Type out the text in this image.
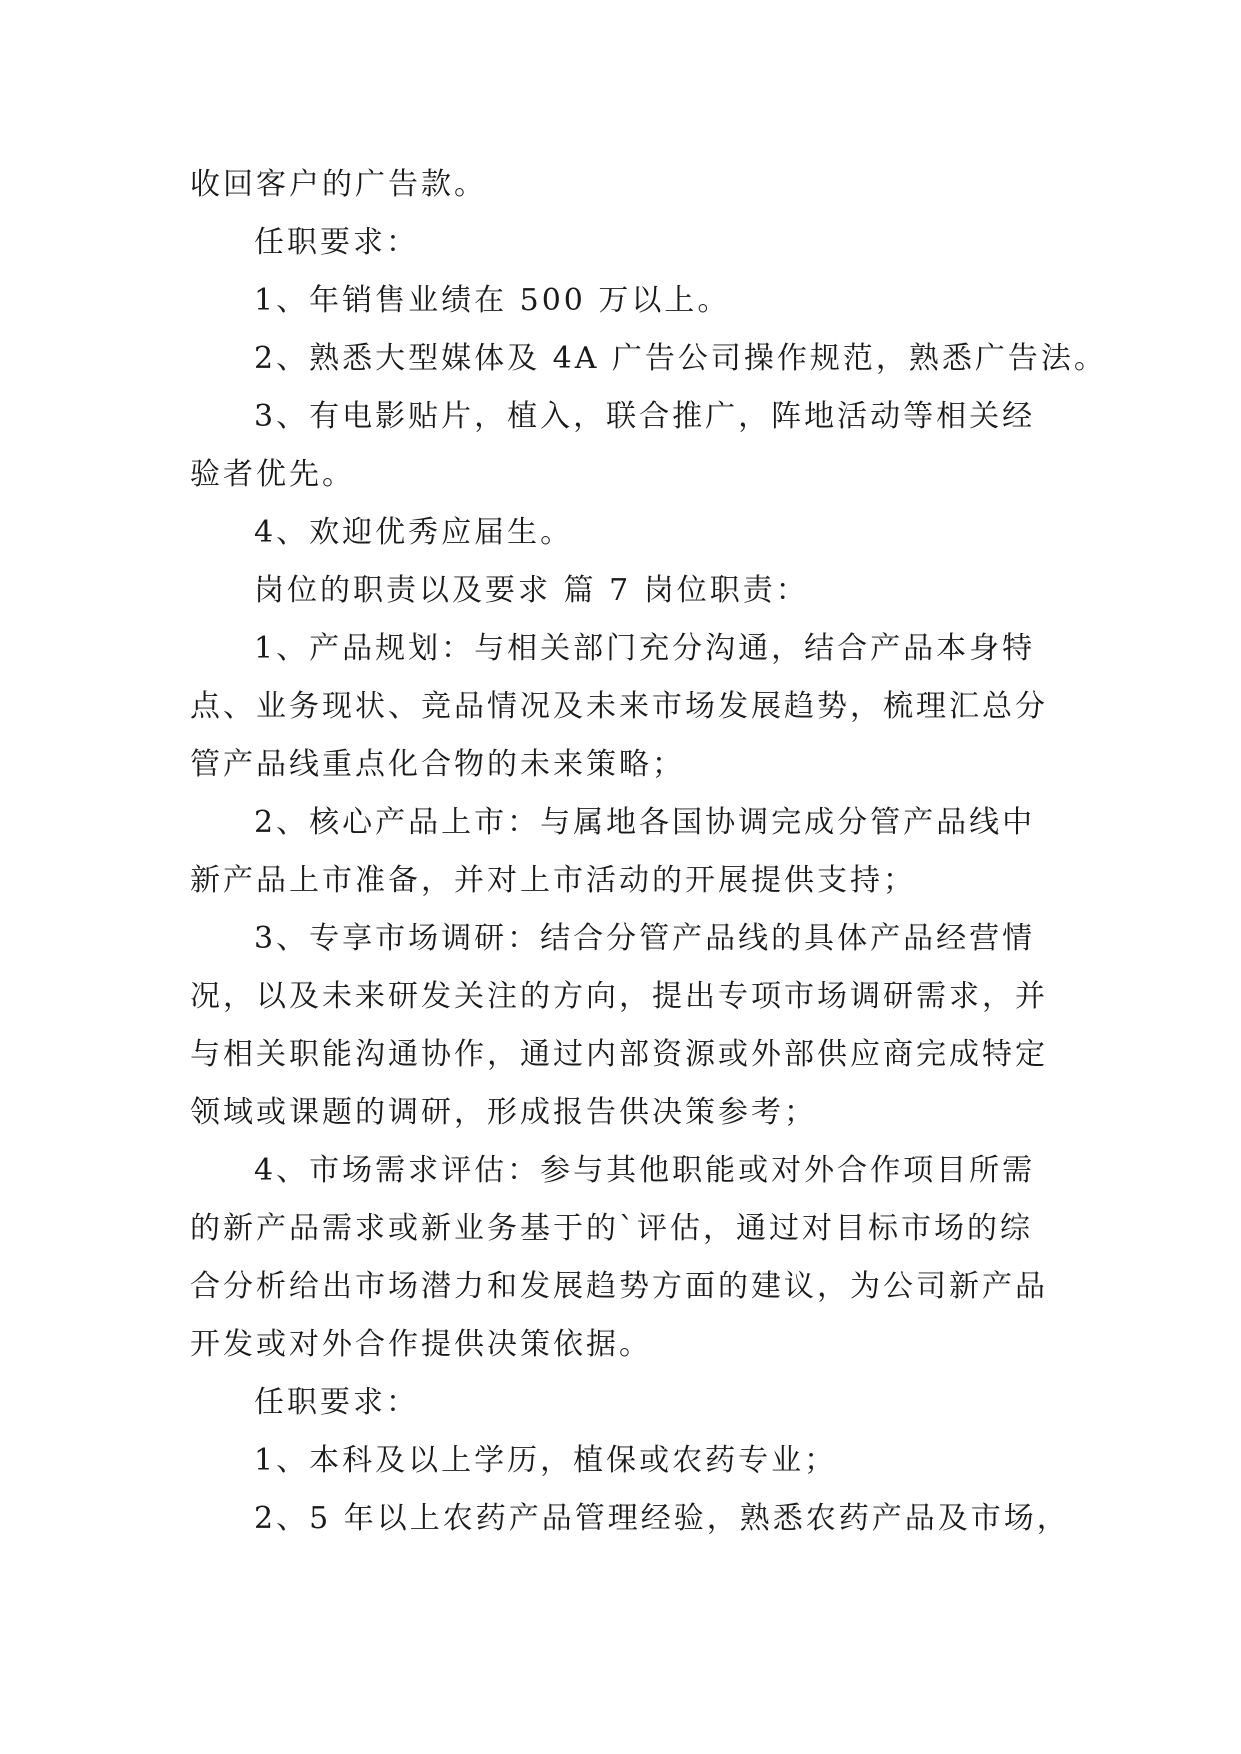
收回客户的广告款。
任职要求：
1、年销售业绩在 500 万以上。
2、熟悉大型媒体及 4A 广告公司操作规范，熟悉广告法。
3、有电影贴片，植入，联合推广，阵地活动等相关经
验者优先。
4、欢迎优秀应届生。
岗位的职责以及要求 篇 7 岗位职责：
1、产品规划：与相关部门充分沟通，结合产品本身特
点、业务现状、竞品情况及未来市场发展趋势，梳理汇总分
管产品线重点化合物的未来策略；
2、核心产品上市：与属地各国协调完成分管产品线中
新产品上市准备，并对上市活动的开展提供支持；
3、专享市场调研：结合分管产品线的具体产品经营情
况，以及未来研发关注的方向，提出专项市场调研需求，并
与相关职能沟通协作，通过内部资源或外部供应商完成特定
领域或课题的调研，形成报告供决策参考；
4、市场需求评估：参与其他职能或对外合作项目所需
的新产品需求或新业务基于的`评估，通过对目标市场的综
合分析给出市场潜力和发展趋势方面的建议，为公司新产品
开发或对外合作提供决策依据。
任职要求：
1、本科及以上学历，植保或农药专业；
2、5 年以上农药产品管理经验，熟悉农药产品及市场，
